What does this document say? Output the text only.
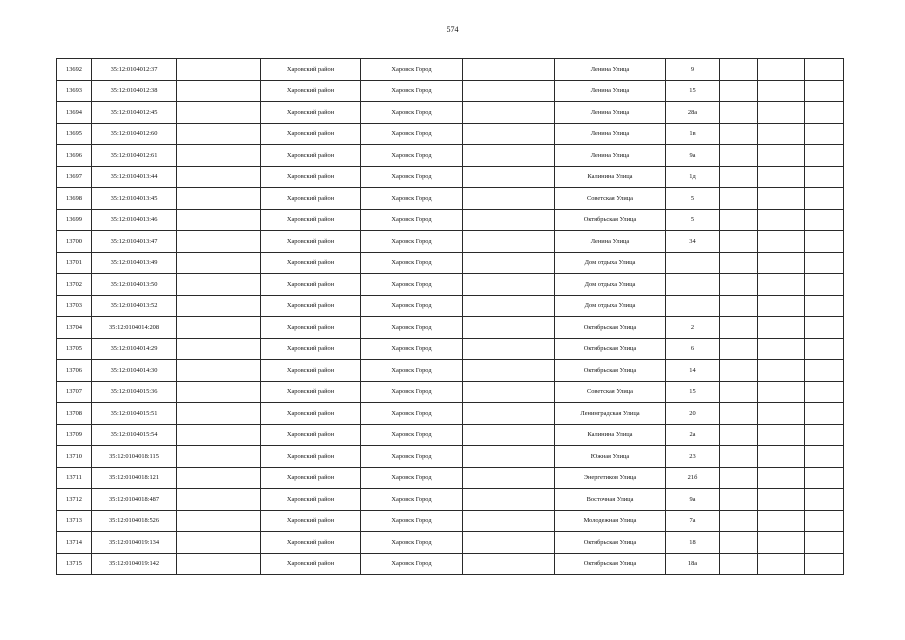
574
13692	35:12:0104012:37		Харовский район	Харовск Город		Ленина Улица	9			
13693	35:12:0104012:38		Харовский район	Харовск Город		Ленина Улица	15			
13694	35:12:0104012:45		Харовский район	Харовск Город		Ленина Улица	28а			
13695	35:12:0104012:60		Харовский район	Харовск Город		Ленина Улица	1в			
13696	35:12:0104012:61		Харовский район	Харовск Город		Ленина Улица	9а			
13697	35:12:0104013:44		Харовский район	Харовск Город		Калинина Улица	1д			
13698	35:12:0104013:45		Харовский район	Харовск Город		Советская Улица	5			
13699	35:12:0104013:46		Харовский район	Харовск Город		Октябрьская Улица	5			
13700	35:12:0104013:47		Харовский район	Харовск Город		Ленина Улица	34			
13701	35:12:0104013:49		Харовский район	Харовск Город		Дом отдыха Улица				
13702	35:12:0104013:50		Харовский район	Харовск Город		Дом отдыха Улица				
13703	35:12:0104013:52		Харовский район	Харовск Город		Дом отдыха Улица				
13704	35:12:0104014:208		Харовский район	Харовск Город		Октябрьская Улица	2			
13705	35:12:0104014:29		Харовский район	Харовск Город		Октябрьская Улица	6			
13706	35:12:0104014:30		Харовский район	Харовск Город		Октябрьская Улица	14			
13707	35:12:0104015:36		Харовский район	Харовск Город		Советская Улица	15			
13708	35:12:0104015:51		Харовский район	Харовск Город		Ленинградская Улица	20			
13709	35:12:0104015:54		Харовский район	Харовск Город		Калинина Улица	2а			
13710	35:12:0104018:115		Харовский район	Харовск Город		Южная Улица	23			
13711	35:12:0104018:121		Харовский район	Харовск Город		Энергетиков Улица	21б			
13712	35:12:0104018:487		Харовский район	Харовск Город		Восточная Улица	9а			
13713	35:12:0104018:526		Харовский район	Харовск Город		Молодежная Улица	7а			
13714	35:12:0104019:134		Харовский район	Харовск Город		Октябрьская Улица	18			
13715	35:12:0104019:142		Харовский район	Харовск Город		Октябрьская Улица	18а			
